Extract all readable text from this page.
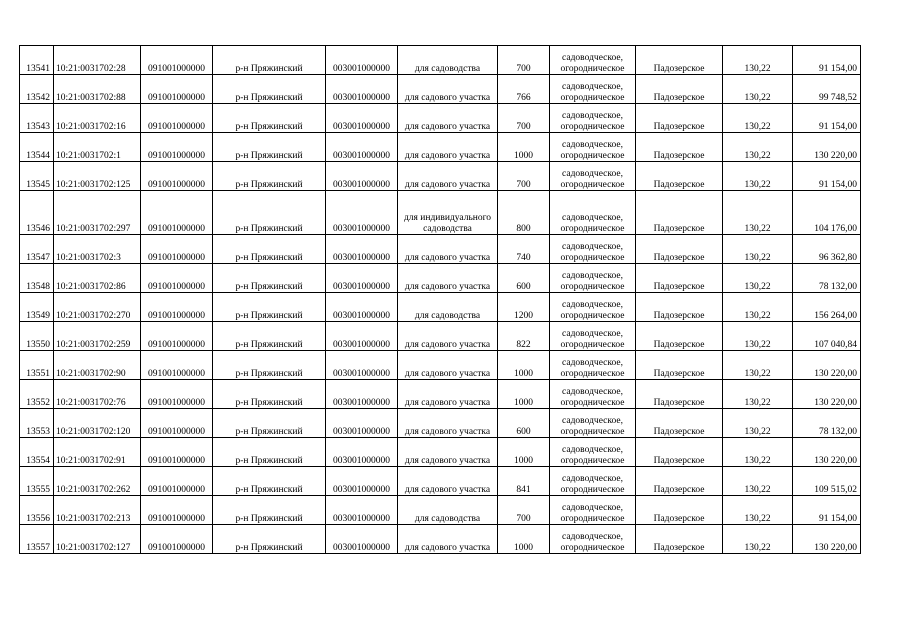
13541	10:21:0031702:28	091001000000	р-н Пряжинский	003001000000	для садоводства	700	садоводческое, огородническое	Падозерское	130,22	91 154,00
13542	10:21:0031702:88	091001000000	р-н Пряжинский	003001000000	для садового участка	766	садоводческое, огородническое	Падозерское	130,22	99 748,52
13543	10:21:0031702:16	091001000000	р-н Пряжинский	003001000000	для садового участка	700	садоводческое, огородническое	Падозерское	130,22	91 154,00
13544	10:21:0031702:1	091001000000	р-н Пряжинский	003001000000	для садового участка	1000	садоводческое, огородническое	Падозерское	130,22	130 220,00
13545	10:21:0031702:125	091001000000	р-н Пряжинский	003001000000	для садового участка	700	садоводческое, огородническое	Падозерское	130,22	91 154,00
13546	10:21:0031702:297	091001000000	р-н Пряжинский	003001000000	для индивидуального садоводства	800	садоводческое, огородническое	Падозерское	130,22	104 176,00
13547	10:21:0031702:3	091001000000	р-н Пряжинский	003001000000	для садового участка	740	садоводческое, огородническое	Падозерское	130,22	96 362,80
13548	10:21:0031702:86	091001000000	р-н Пряжинский	003001000000	для садового участка	600	садоводческое, огородническое	Падозерское	130,22	78 132,00
13549	10:21:0031702:270	091001000000	р-н Пряжинский	003001000000	для садоводства	1200	садоводческое, огородническое	Падозерское	130,22	156 264,00
13550	10:21:0031702:259	091001000000	р-н Пряжинский	003001000000	для садового участка	822	садоводческое, огородническое	Падозерское	130,22	107 040,84
13551	10:21:0031702:90	091001000000	р-н Пряжинский	003001000000	для садового участка	1000	садоводческое, огородническое	Падозерское	130,22	130 220,00
13552	10:21:0031702:76	091001000000	р-н Пряжинский	003001000000	для садового участка	1000	садоводческое, огородническое	Падозерское	130,22	130 220,00
13553	10:21:0031702:120	091001000000	р-н Пряжинский	003001000000	для садового участка	600	садоводческое, огородническое	Падозерское	130,22	78 132,00
13554	10:21:0031702:91	091001000000	р-н Пряжинский	003001000000	для садового участка	1000	садоводческое, огородническое	Падозерское	130,22	130 220,00
13555	10:21:0031702:262	091001000000	р-н Пряжинский	003001000000	для садового участка	841	садоводческое, огородническое	Падозерское	130,22	109 515,02
13556	10:21:0031702:213	091001000000	р-н Пряжинский	003001000000	для садоводства	700	садоводческое, огородническое	Падозерское	130,22	91 154,00
13557	10:21:0031702:127	091001000000	р-н Пряжинский	003001000000	для садового участка	1000	садоводческое, огородническое	Падозерское	130,22	130 220,00
